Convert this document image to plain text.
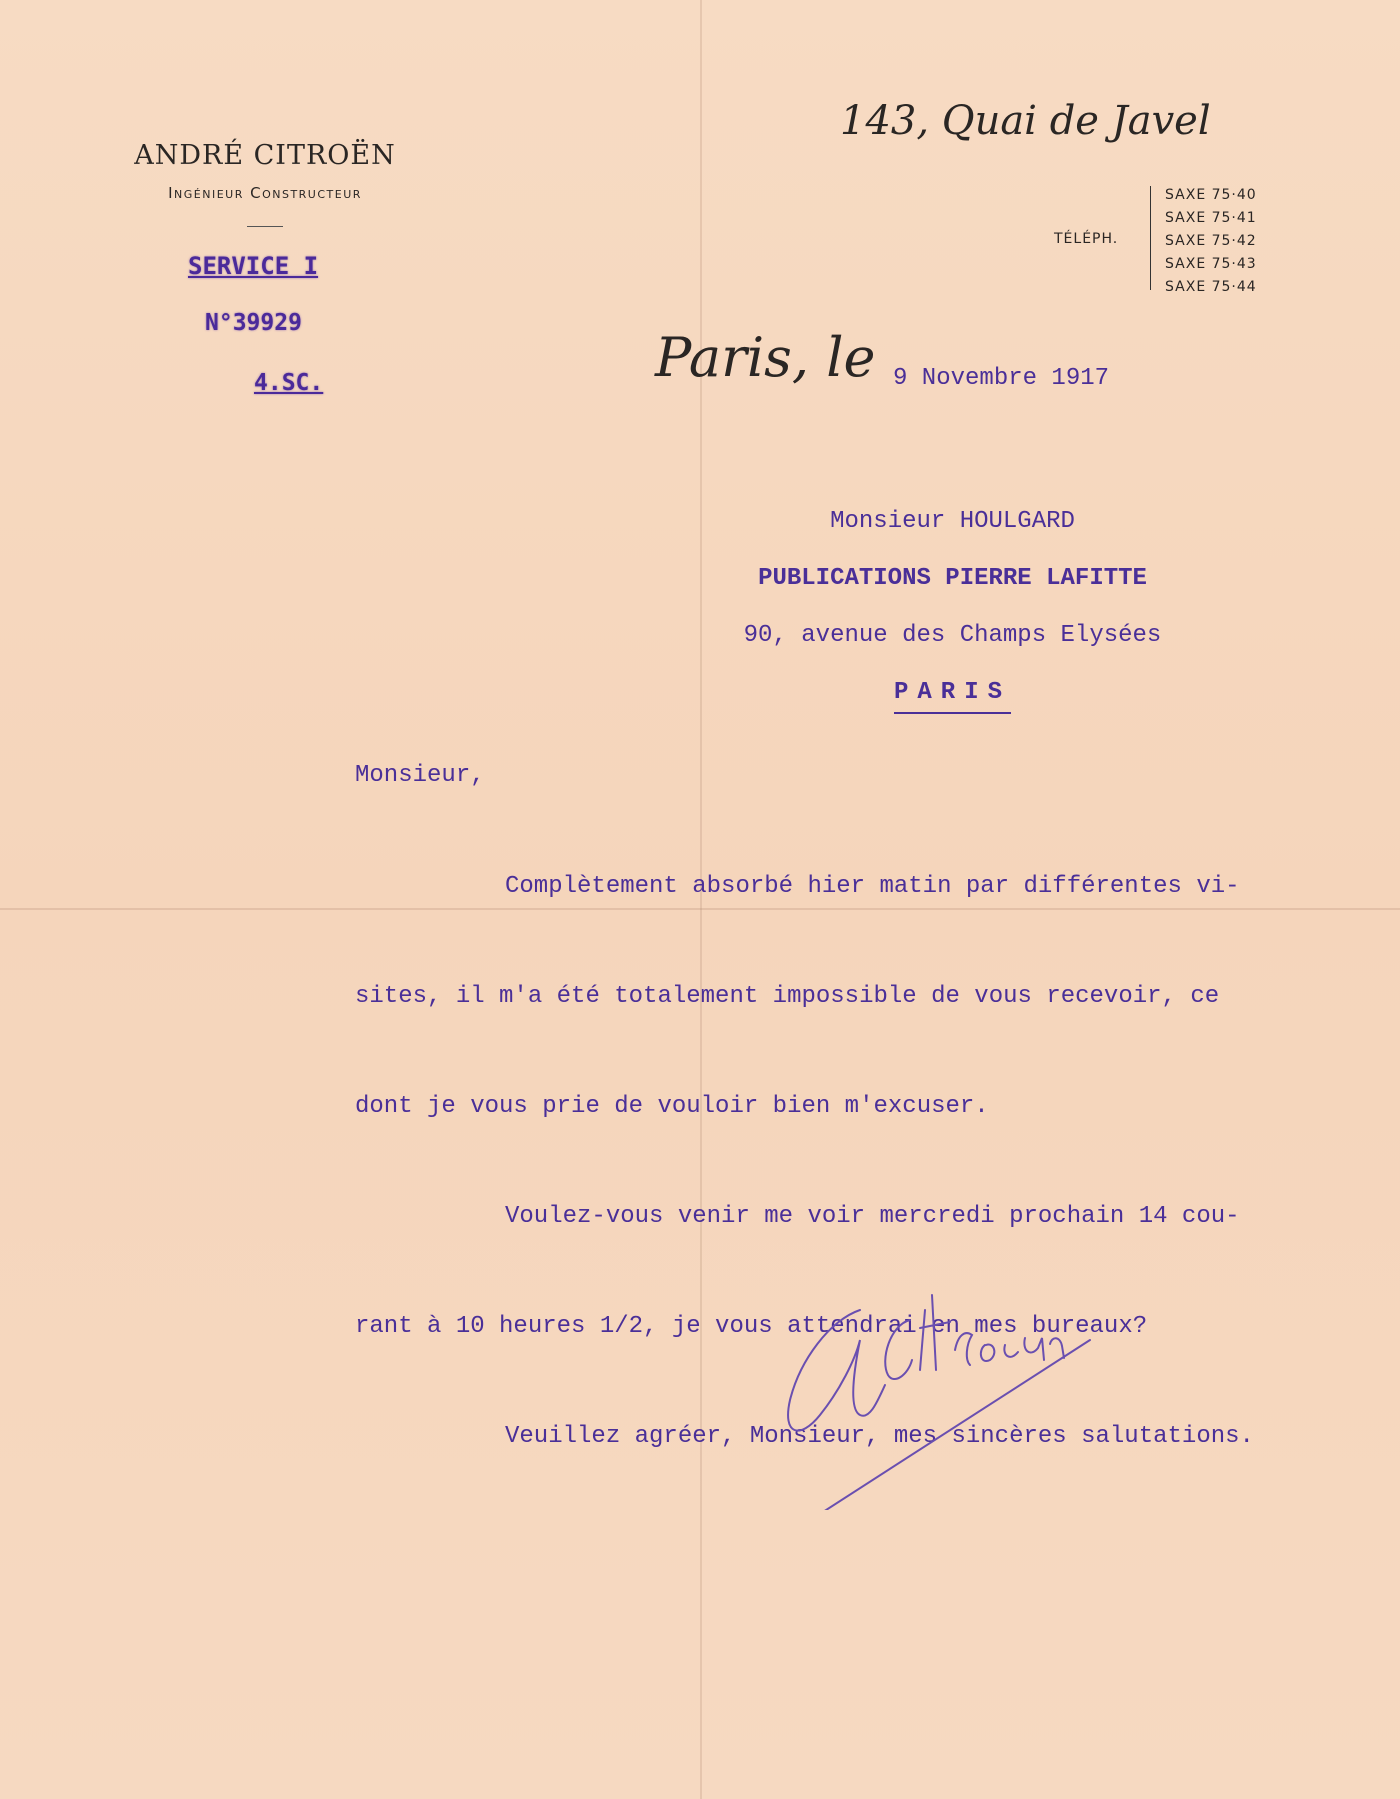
ANDRÉ CITROËN
Ingénieur Constructeur
SERVICE I
N°39929
4.SC.
143, Quai de Javel
TÉLÉPH.
SAXE 75·40
SAXE 75·41
SAXE 75·42
SAXE 75·43
SAXE 75·44
Paris, le 9 Novembre 1917
Monsieur HOULGARD
PUBLICATIONS PIERRE LAFITTE
90, avenue des Champs Elysées
PARIS
Monsieur,

Complètement absorbé hier matin par différentes vi-

sites, il m'a été totalement impossible de vous recevoir, ce

dont je vous prie de vouloir bien m'excuser.

Voulez-vous venir me voir mercredi prochain 14 cou-

rant à 10 heures 1/2, je vous attendrai en mes bureaux?

Veuillez agréer, Monsieur, mes sincères salutations.
